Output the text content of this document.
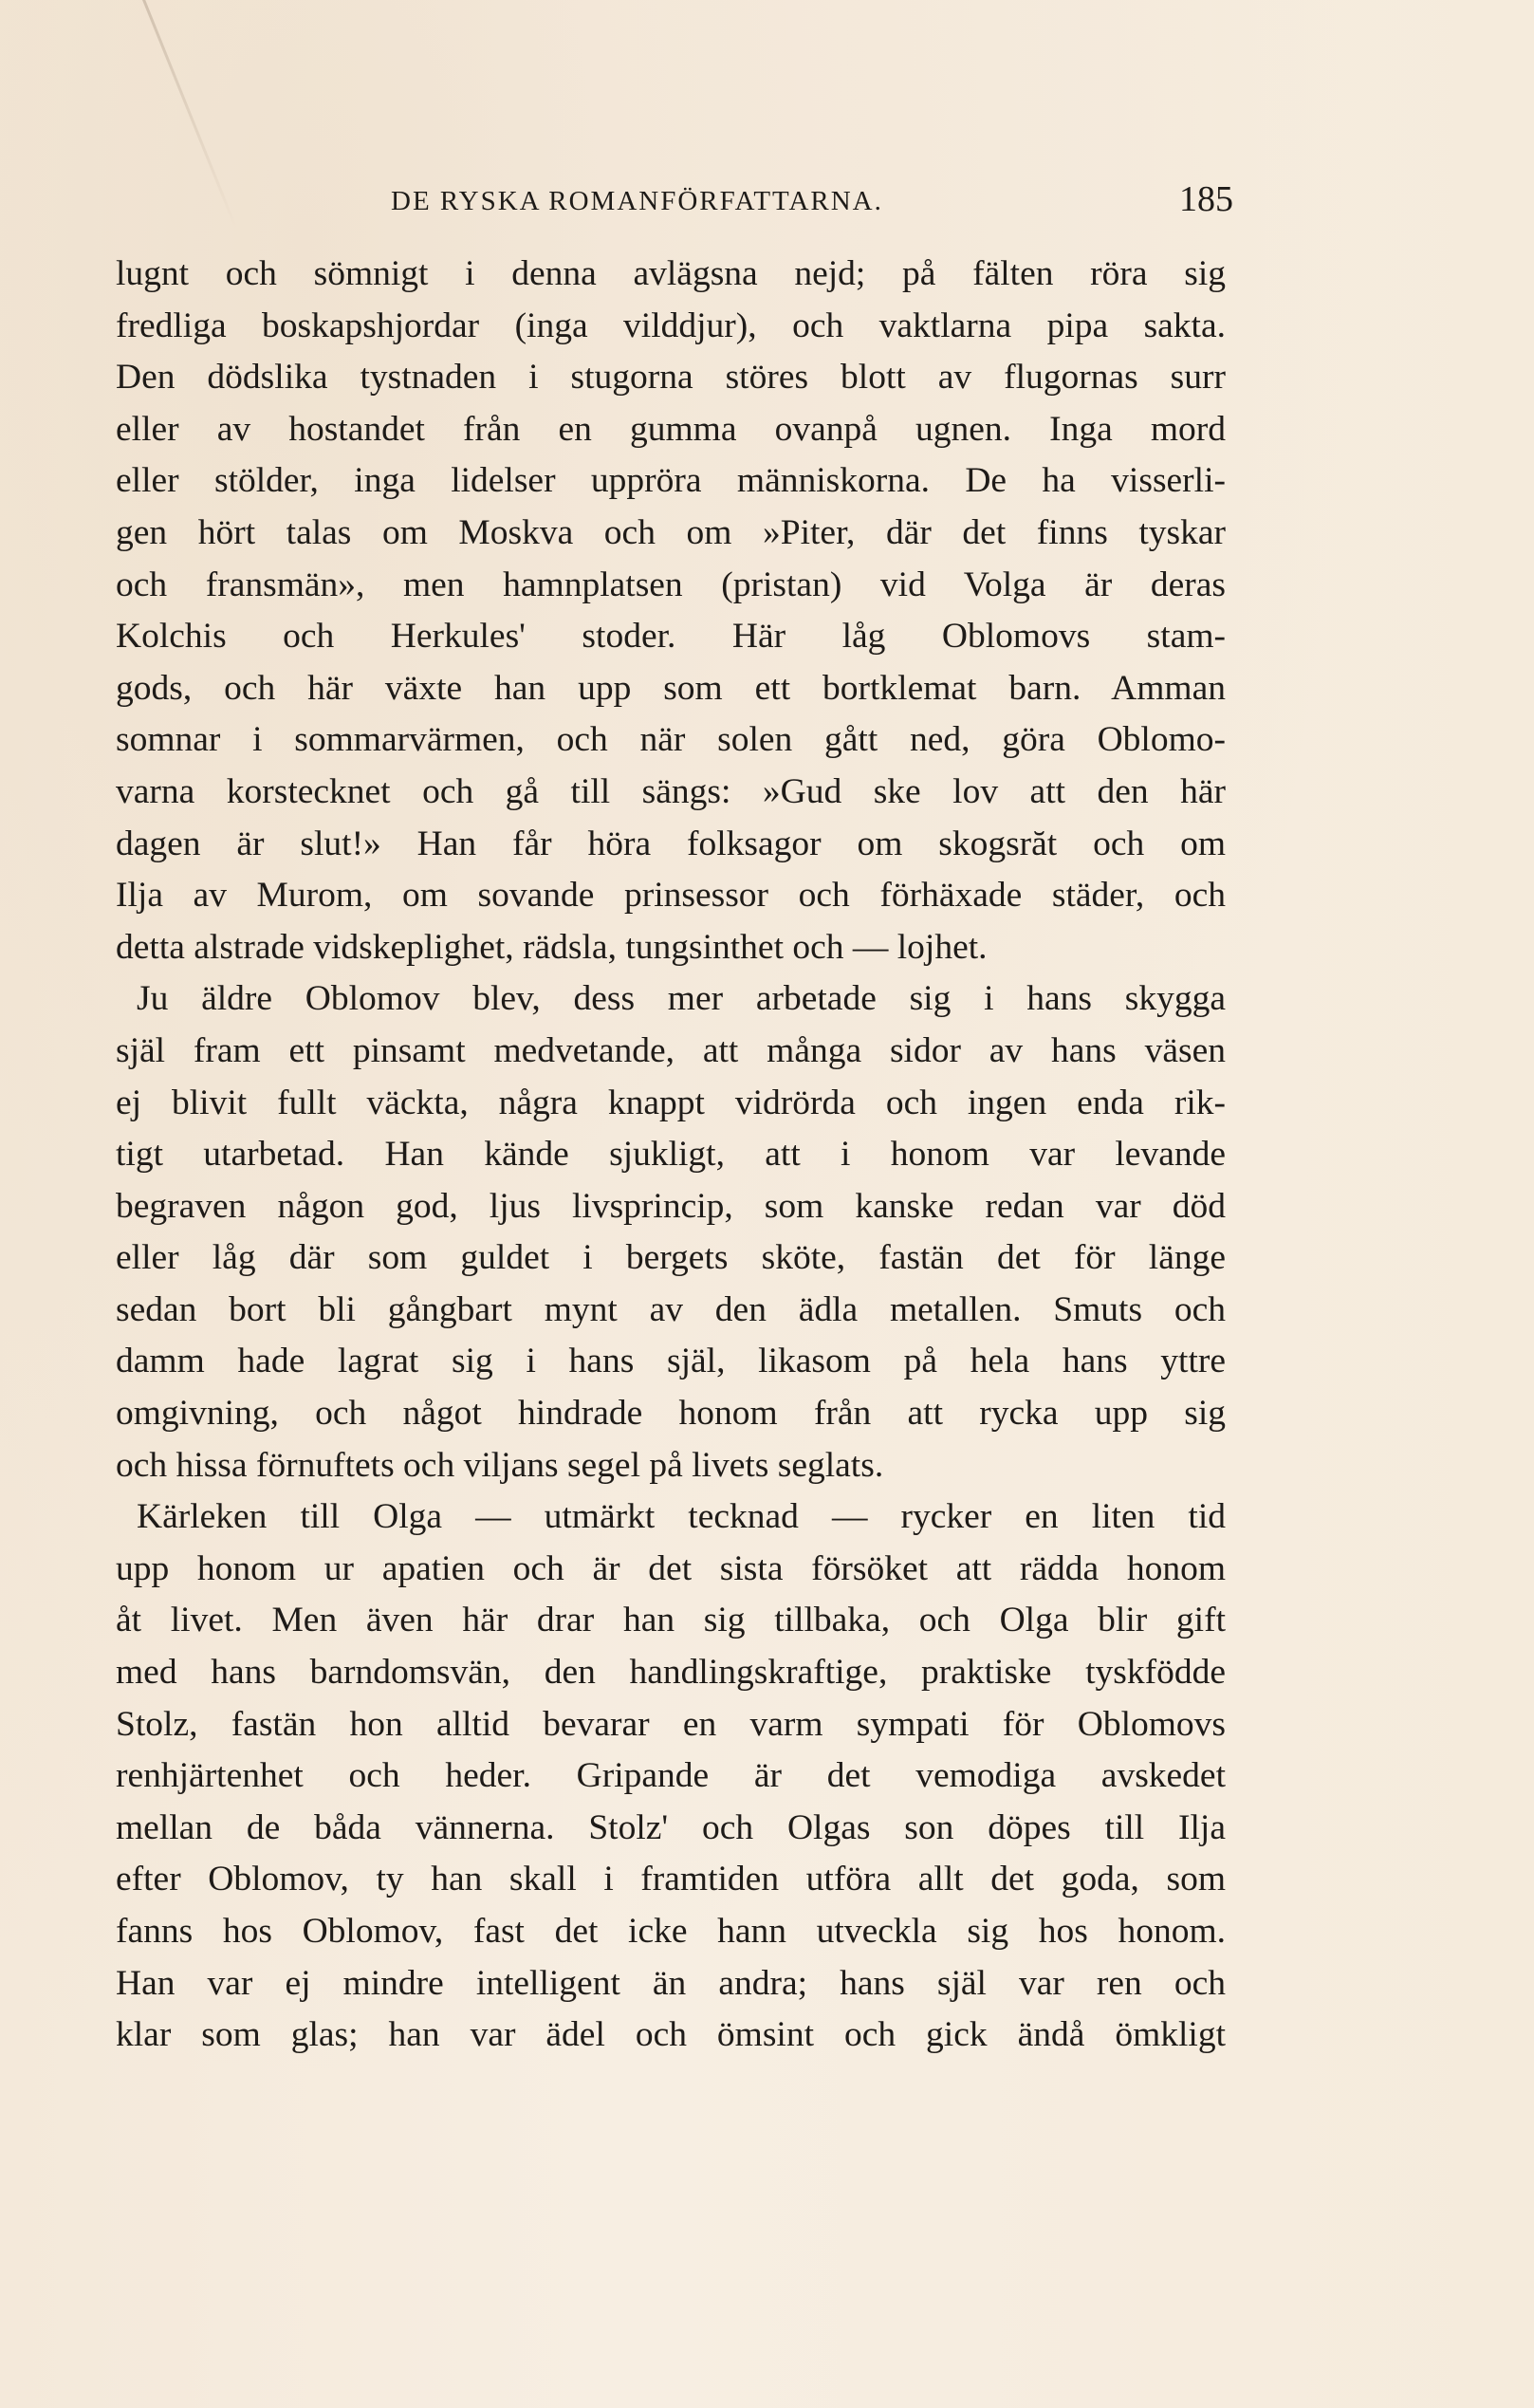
DE RYSKA ROMANFÖRFATTARNA.	185
lugnt och sömnigt i denna avlägsna nejd; på fälten röra sig
fredliga boskapshjordar (inga vilddjur), och vaktlarna pipa sakta.
Den dödslika tystnaden i stugorna störes blott av flugornas surr
eller av hostandet från en gumma ovanpå ugnen. Inga mord
eller stölder, inga lidelser uppröra människorna. De ha visserli-
gen hört talas om Moskva och om »Piter, där det finns tyskar
och fransmän», men hamnplatsen (pristan) vid Volga är deras
Kolchis och Herkules' stoder. Här låg Oblomovs stam-
gods, och här växte han upp som ett bortklemat barn. Amman
somnar i sommarvärmen, och när solen gått ned, göra Oblomo-
varna korstecknet och gå till sängs: »Gud ske lov att den här
dagen är slut!» Han får höra folksagor om skogsrăt och om
Ilja av Murom, om sovande prinsessor och förhäxade städer, och
detta alstrade vidskeplighet, rädsla, tungsinthet och — lojhet.
Ju äldre Oblomov blev, dess mer arbetade sig i hans skygga
själ fram ett pinsamt medvetande, att många sidor av hans väsen
ej blivit fullt väckta, några knappt vidrörda och ingen enda rik-
tigt utarbetad. Han kände sjukligt, att i honom var levande
begraven någon god, ljus livsprincip, som kanske redan var död
eller låg där som guldet i bergets sköte, fastän det för länge
sedan bort bli gångbart mynt av den ädla metallen. Smuts och
damm hade lagrat sig i hans själ, likasom på hela hans yttre
omgivning, och något hindrade honom från att rycka upp sig
och hissa förnuftets och viljans segel på livets seglats.
Kärleken till Olga — utmärkt tecknad — rycker en liten tid
upp honom ur apatien och är det sista försöket att rädda honom
åt livet. Men även här drar han sig tillbaka, och Olga blir gift
med hans barndomsvän, den handlingskraftige, praktiske tyskfödde
Stolz, fastän hon alltid bevarar en varm sympati för Oblomovs
renhjärtenhet och heder. Gripande är det vemodiga avskedet
mellan de båda vännerna. Stolz' och Olgas son döpes till Ilja
efter Oblomov, ty han skall i framtiden utföra allt det goda, som
fanns hos Oblomov, fast det icke hann utveckla sig hos honom.
Han var ej mindre intelligent än andra; hans själ var ren och
klar som glas; han var ädel och ömsint och gick ändå ömkligt
